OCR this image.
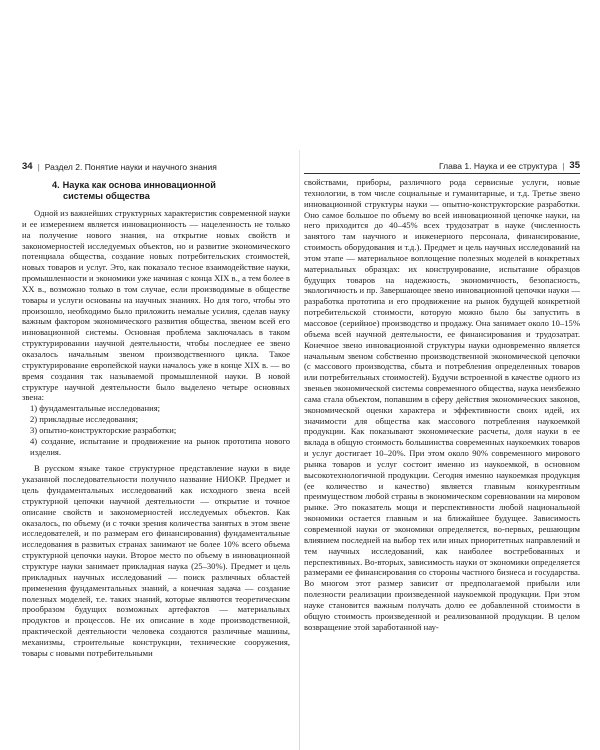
34 | Раздел 2. Понятие науки и научного знания
4. Наука как основа инновационной
системы общества

Одной из важнейших структурных характеристик современной науки и ее измерением является инновационность — нацеленность не только на получение нового знания, на открытие новых свойств и закономерностей исследуемых объектов, но и развитие экономического потенциала общества, создание новых потребительских стоимостей, новых товаров и услуг. Это, как показало тесное взаимодействие науки, промышленности и экономики уже начиная с конца XIX в., а тем более в XX в., возможно только в том случае, если производимые в обществе товары и услуги основаны на научных знаниях. Но для того, чтобы это произошло, необходимо было приложить немалые усилия, сделав науку важным фактором экономического развития общества, звеном всей его инновационной системы. Основная проблема заключалась в таком структурировании научной деятельности, чтобы последнее ее звено оказалось начальным звеном производственного цикла. Такое структурирование европейской науки началось уже в конце XIX в. — во время создания так называемой промышленной науки. В новой структуре научной деятельности было выделено четыре основных звена:

1) фундаментальные исследования;

2) прикладные исследования;

3) опытно-конструкторские разработки;

4) создание, испытание и продвижение на рынок прототипа нового изделия.

В русском языке такое структурное представление науки в виде указанной последовательности получило название НИОКР. Предмет и цель фундаментальных исследований как исходного звена всей структурной цепочки научной деятельности — открытие и точное описание свойств и закономерностей исследуемых объектов. Как оказалось, по объему (и с точки зрения количества занятых в этом звене исследователей, и по размерам его финансирования) фундаментальные исследования в развитых странах занимают не более 10% всего объема структурной цепочки науки. Второе место по объему в инновационной структуре науки занимает прикладная наука (25–30%). Предмет и цель прикладных научных исследований — поиск различных областей применения фундаментальных знаний, а конечная задача — создание полезных моделей, т.е. таких знаний, которые являются теоретическим прообразом будущих возможных артефактов — материальных продуктов и процессов. Не их описание в ходе производственной, практической деятельности человека создаются различные машины, механизмы, строительные конструкции, технические сооружения, товары с новыми потребительными

Глава 1. Наука и ее структура | 35

свойствами, приборы, различного рода сервисные услуги, новые технологии, в том числе социальные и гуманитарные, и т.д. Третье звено инновационной структуры науки — опытно-конструкторские разработки. Оно самое большое по объему во всей инновационной цепочке науки, на него приходится до 40–45% всех трудозатрат в науке (численность занятого там научного и инженерного персонала, финансирование, стоимость оборудования и т.д.). Предмет и цель научных исследований на этом этапе — материальное воплощение полезных моделей в конкретных материальных образцах: их конструирование, испытание образцов будущих товаров на надежность, экономичность, безопасность, экологичность и пр. Завершающее звено инновационной цепочки науки — разработка прототипа и его продвижение на рынок будущей конкретной потребительской стоимости, которую можно было бы запустить в массовое (серийное) производство и продажу. Она занимает около 10–15% объема всей научной деятельности, ее финансирования и трудозатрат. Конечное звено инновационной структуры науки одновременно является начальным звеном собственно производственной экономической цепочки (с массового производства, сбыта и потребления определенных товаров или потребительных стоимостей). Будучи встроенной в качестве одного из звеньев экономической системы современного общества, наука неизбежно сама стала объектом, попавшим в сферу действия экономических законов, экономической оценки характера и эффективности своих идей, их значимости для общества как массового потребления наукоемкой продукции. Как показывают экономические расчеты, доля науки в ее вклада в общую стоимость большинства современных наукоемких товаров и услуг достигает 10–20%. При этом около 90% современного мирового рынка товаров и услуг состоит именно из наукоемкой, в основном высокотехнологичной продукции. Сегодня именно наукоемкая продукция (ее количество и качество) является главным конкурентным преимуществом любой страны в экономическом соревновании на мировом рынке. Это показатель мощи и перспективности любой национальной экономики остается главным и на ближайшее будущее. Зависимость современной науки от экономики определяется, во-первых, решающим влиянием последней на выбор тех или иных приоритетных направлений и тем научных исследований, как наиболее востребованных и перспективных. Во-вторых, зависимость науки от экономики определяется размерами ее финансирования со стороны частного бизнеса и государства. Во многом этот размер зависит от предполагаемой прибыли или полезности реализации произведенной наукоемкой продукции. При этом науке становится важным получать долю ее добавленной стоимости в общую стоимость произведенной и реализованной продукции. В целом возвращение этой заработанной нау-
